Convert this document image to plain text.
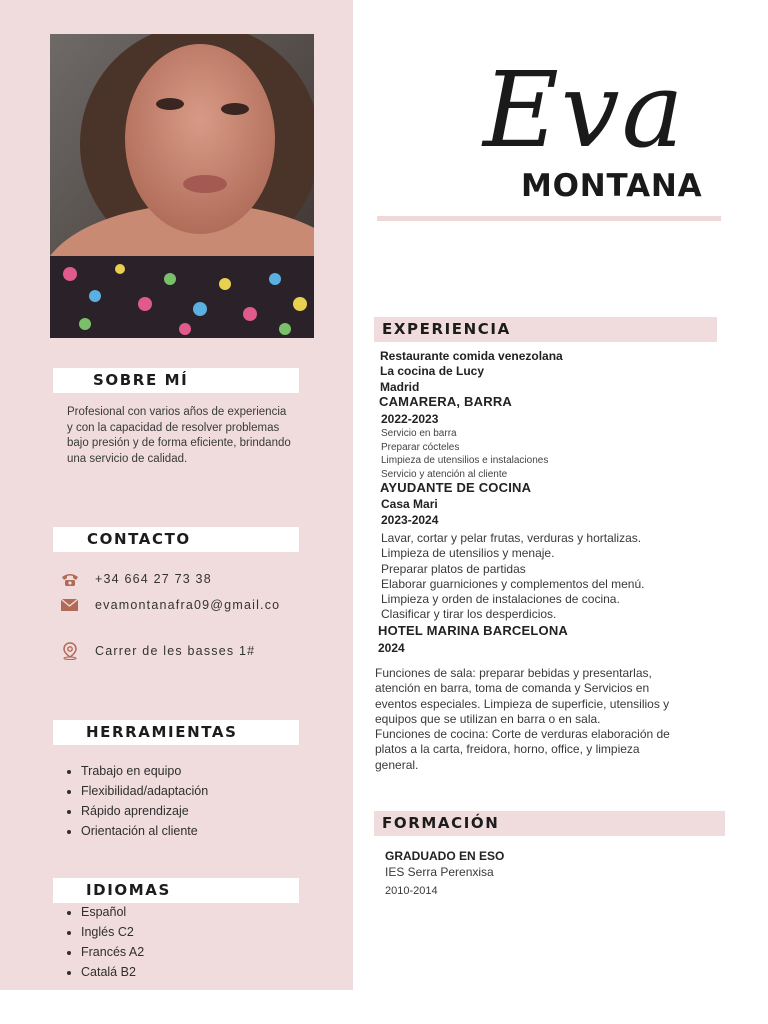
SOBRE MÍ
Profesional con varios años de experiencia y con la capacidad de resolver problemas bajo presión y de forma eficiente, brindando una servicio de calidad.
CONTACTO
+34 664 27 73 38
evamontanafra09@gmail.co
Carrer de les basses 1#
HERRAMIENTAS
• Trabajo en equipo
• Flexibilidad/adaptación
• Rápido aprendizaje
• Orientación al cliente
IDIOMAS
• Español
• Inglés C2
• Francés A2
• Catalá B2
Eva
MONTANA
EXPERIENCIA
Restaurante comida venezolana
La cocina de Lucy
Madrid
CAMARERA, BARRA
2022-2023
Servicio en barra
Preparar cócteles
Limpieza de utensilios e instalaciones
Servicio y atención al cliente
AYUDANTE DE COCINA
Casa Mari
2023-2024
Lavar, cortar y pelar frutas, verduras y hortalizas.
Limpieza de utensilios y menaje.
Preparar platos de partidas
Elaborar guarniciones y complementos del menú.
Limpieza y orden de instalaciones de cocina.
Clasificar y tirar los desperdicios.
HOTEL MARINA BARCELONA
2024
Funciones de sala: preparar bebidas y presentarlas,
atención en barra, toma de comanda y Servicios en
eventos especiales. Limpieza de superficie, utensilios y
equipos que se utilizan en barra o en sala.
Funciones de cocina: Corte de verduras elaboración de
platos a la carta, freidora, horno, office, y limpieza
general.
FORMACIÓN
GRADUADO EN ESO
IES Serra Perenxisa
2010-2014
